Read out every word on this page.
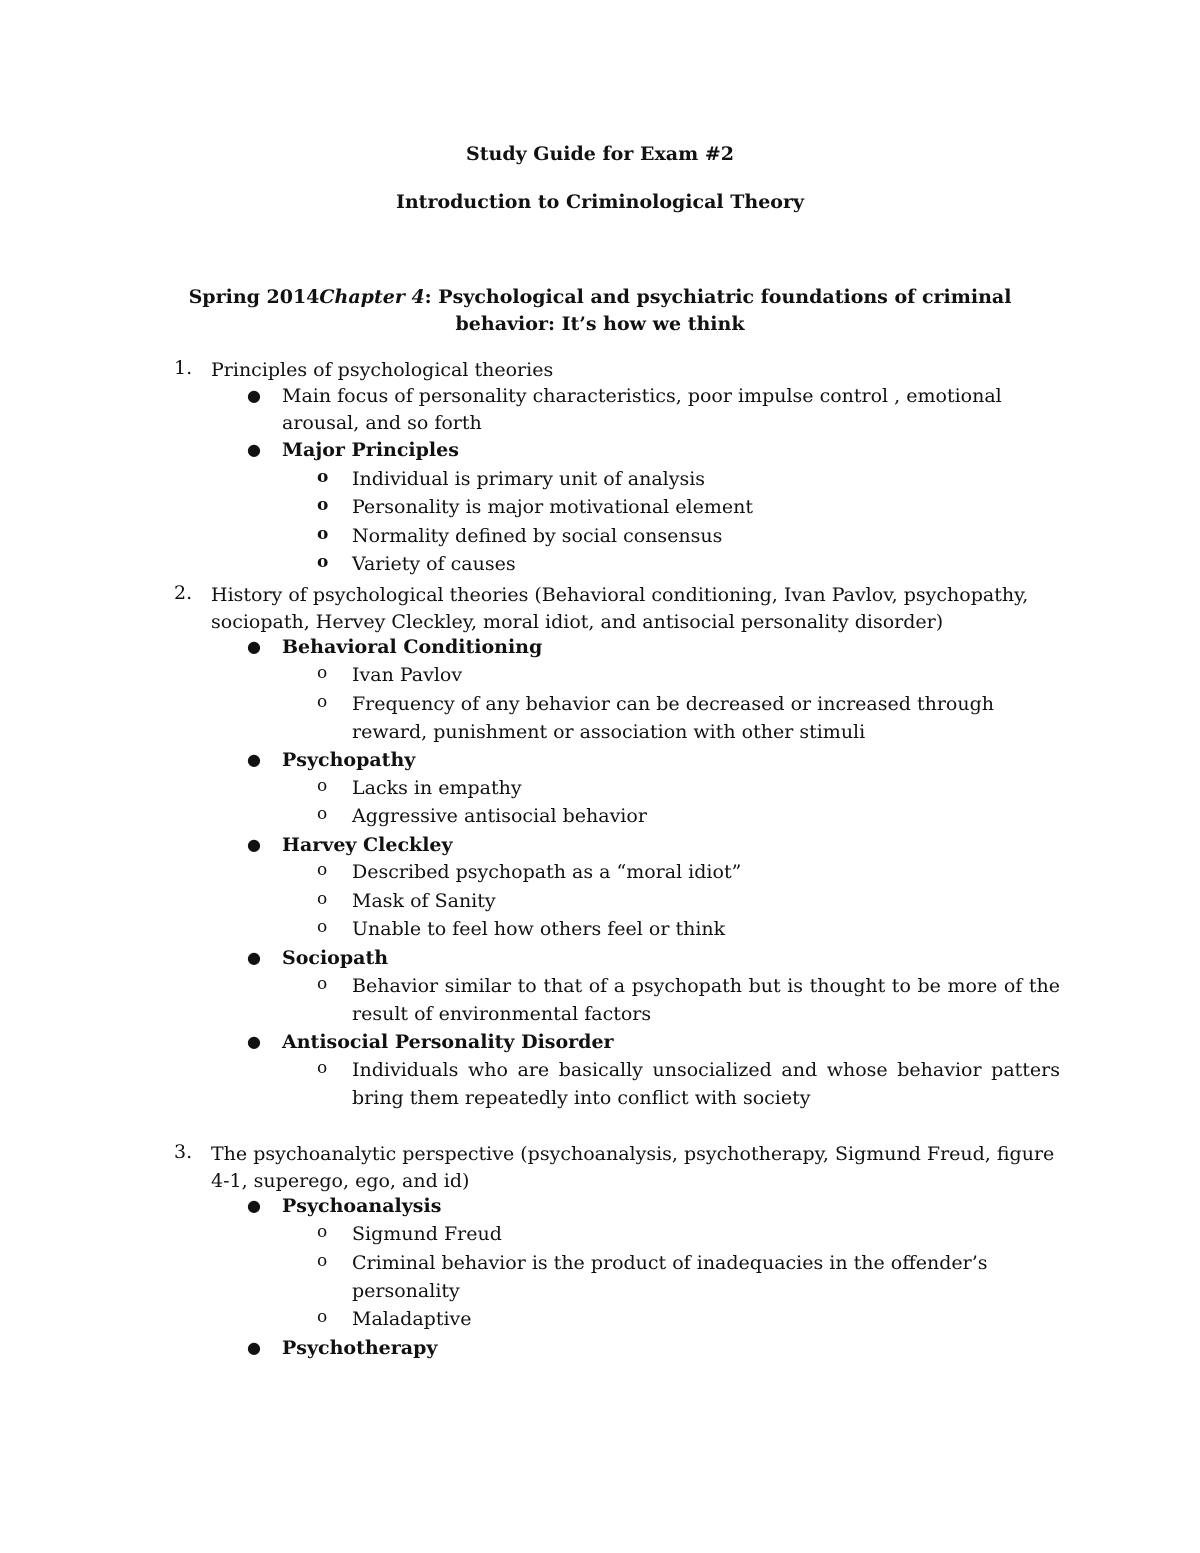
Study Guide for Exam #2
Introduction to Criminological Theory
Spring 2014Chapter 4: Psychological and psychiatric foundations of criminal behavior: It’s how we think
1. Principles of psychological theories
● Main focus of personality characteristics, poor impulse control , emotional arousal, and so forth
● Major Principles
o Individual is primary unit of analysis
o Personality is major motivational element
o Normality defined by social consensus
o Variety of causes
2. History of psychological theories (Behavioral conditioning, Ivan Pavlov, psychopathy, sociopath, Hervey Cleckley, moral idiot, and antisocial personality disorder)
● Behavioral Conditioning
o Ivan Pavlov
o Frequency of any behavior can be decreased or increased through reward, punishment or association with other stimuli
● Psychopathy
o Lacks in empathy
o Aggressive antisocial behavior
● Harvey Cleckley
o Described psychopath as a “moral idiot”
o Mask of Sanity
o Unable to feel how others feel or think
● Sociopath
o Behavior similar to that of a psychopath but is thought to be more of the result of environmental factors
● Antisocial Personality Disorder
o Individuals who are basically unsocialized and whose behavior patters bring them repeatedly into conflict with society
3. The psychoanalytic perspective (psychoanalysis, psychotherapy, Sigmund Freud, figure 4-1, superego, ego, and id)
● Psychoanalysis
o Sigmund Freud
o Criminal behavior is the product of inadequacies in the offender’s personality
o Maladaptive
● Psychotherapy
